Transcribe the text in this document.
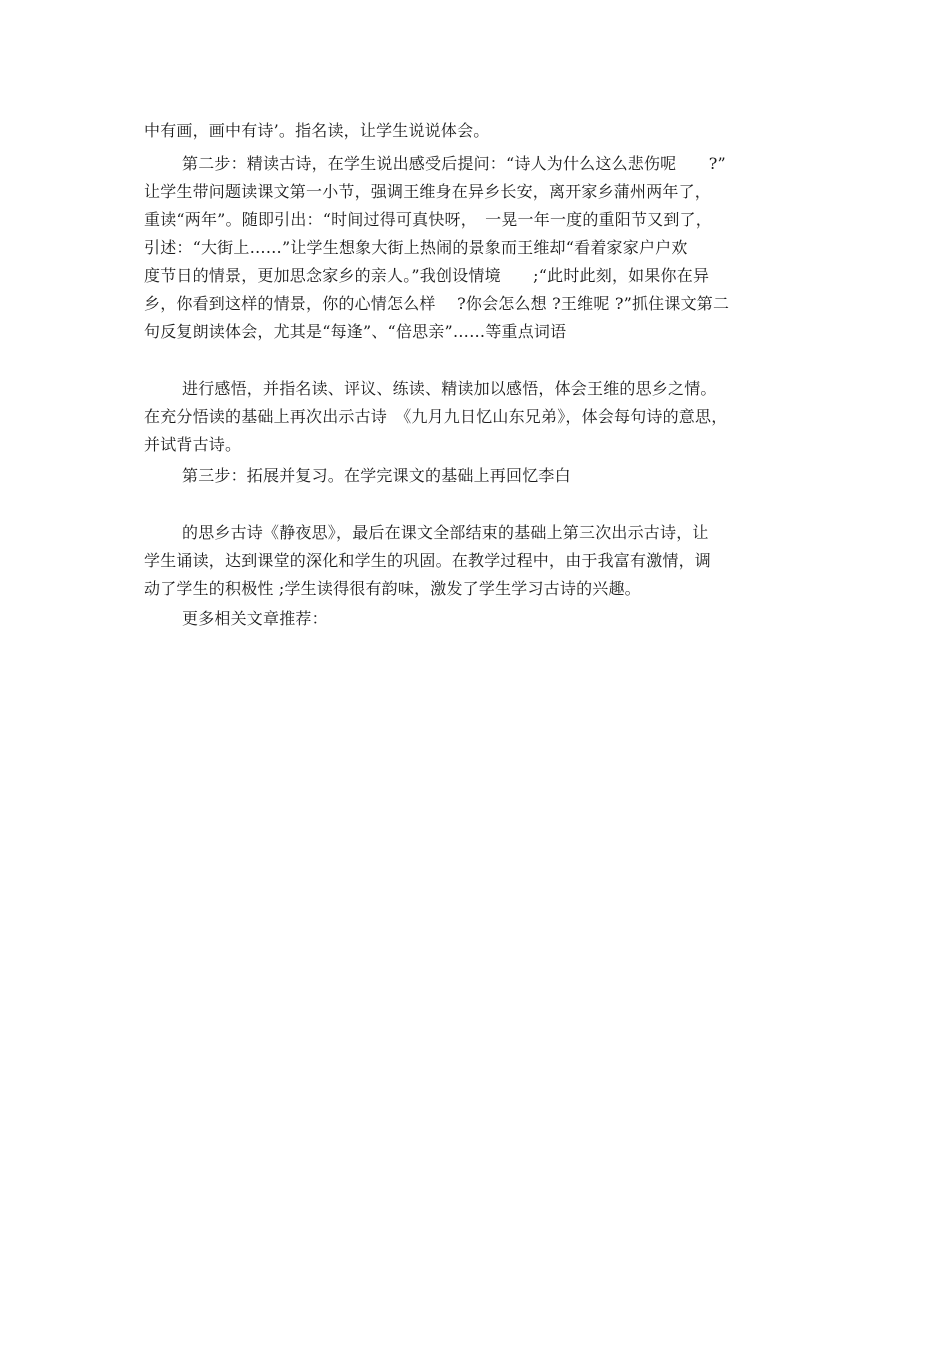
中有画，画中有诗’。指名读，让学生说说体会。
第二步：精读古诗，在学生说出感受后提问：“诗人为什么这么悲伤呢　　?”
让学生带问题读课文第一小节，强调王维身在异乡长安，离开家乡蒲州两年了，
重读“两年”。随即引出：“时间过得可真快呀，　一晃一年一度的重阳节又到了，
引述：“大街上……”让学生想象大街上热闹的景象而王维却“看着家家户户欢
度节日的情景，更加思念家乡的亲人。”我创设情境　　;“此时此刻，如果你在异
乡，你看到这样的情景，你的心情怎么样　 ?你会怎么想 ?王维呢 ?”抓住课文第二
句反复朗读体会，尤其是“每逢”、“倍思亲”……等重点词语
进行感悟，并指名读、评议、练读、精读加以感悟，体会王维的思乡之情。
在充分悟读的基础上再次出示古诗　《九月九日忆山东兄弟》，体会每句诗的意思，
并试背古诗。
第三步：拓展并复习。在学完课文的基础上再回忆李白
的思乡古诗《静夜思》，最后在课文全部结束的基础上第三次出示古诗，让
学生诵读，达到课堂的深化和学生的巩固。在教学过程中，由于我富有激情，调
动了学生的积极性 ;学生读得很有韵味，激发了学生学习古诗的兴趣。
更多相关文章推荐：
